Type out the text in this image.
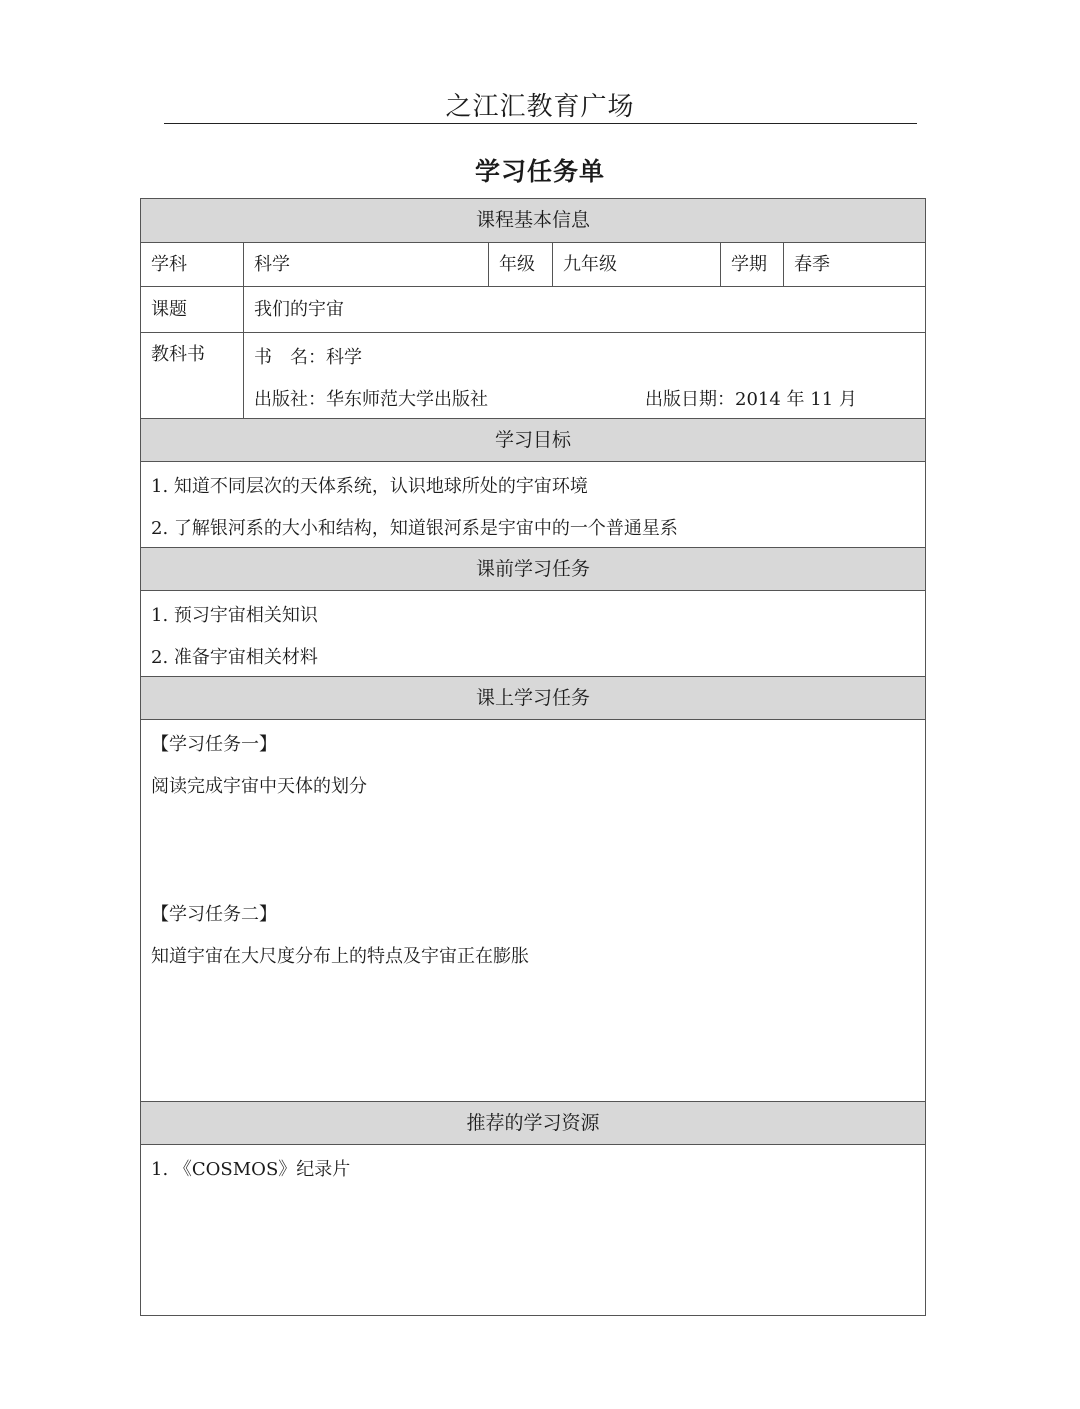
之江汇教育广场
学习任务单
课程基本信息
学科	科学	年级	九年级	学期	春季
课题	我们的宇宙
教科书	书　名：科学
出版社：华东师范大学出版社	出版日期：2014 年 11 月
学习目标
1. 知道不同层次的天体系统，认识地球所处的宇宙环境
2. 了解银河系的大小和结构，知道银河系是宇宙中的一个普通星系
课前学习任务
1. 预习宇宙相关知识
2. 准备宇宙相关材料
课上学习任务
【学习任务一】
阅读完成宇宙中天体的划分
【学习任务二】
知道宇宙在大尺度分布上的特点及宇宙正在膨胀
推荐的学习资源
1. 《COSMOS》纪录片
